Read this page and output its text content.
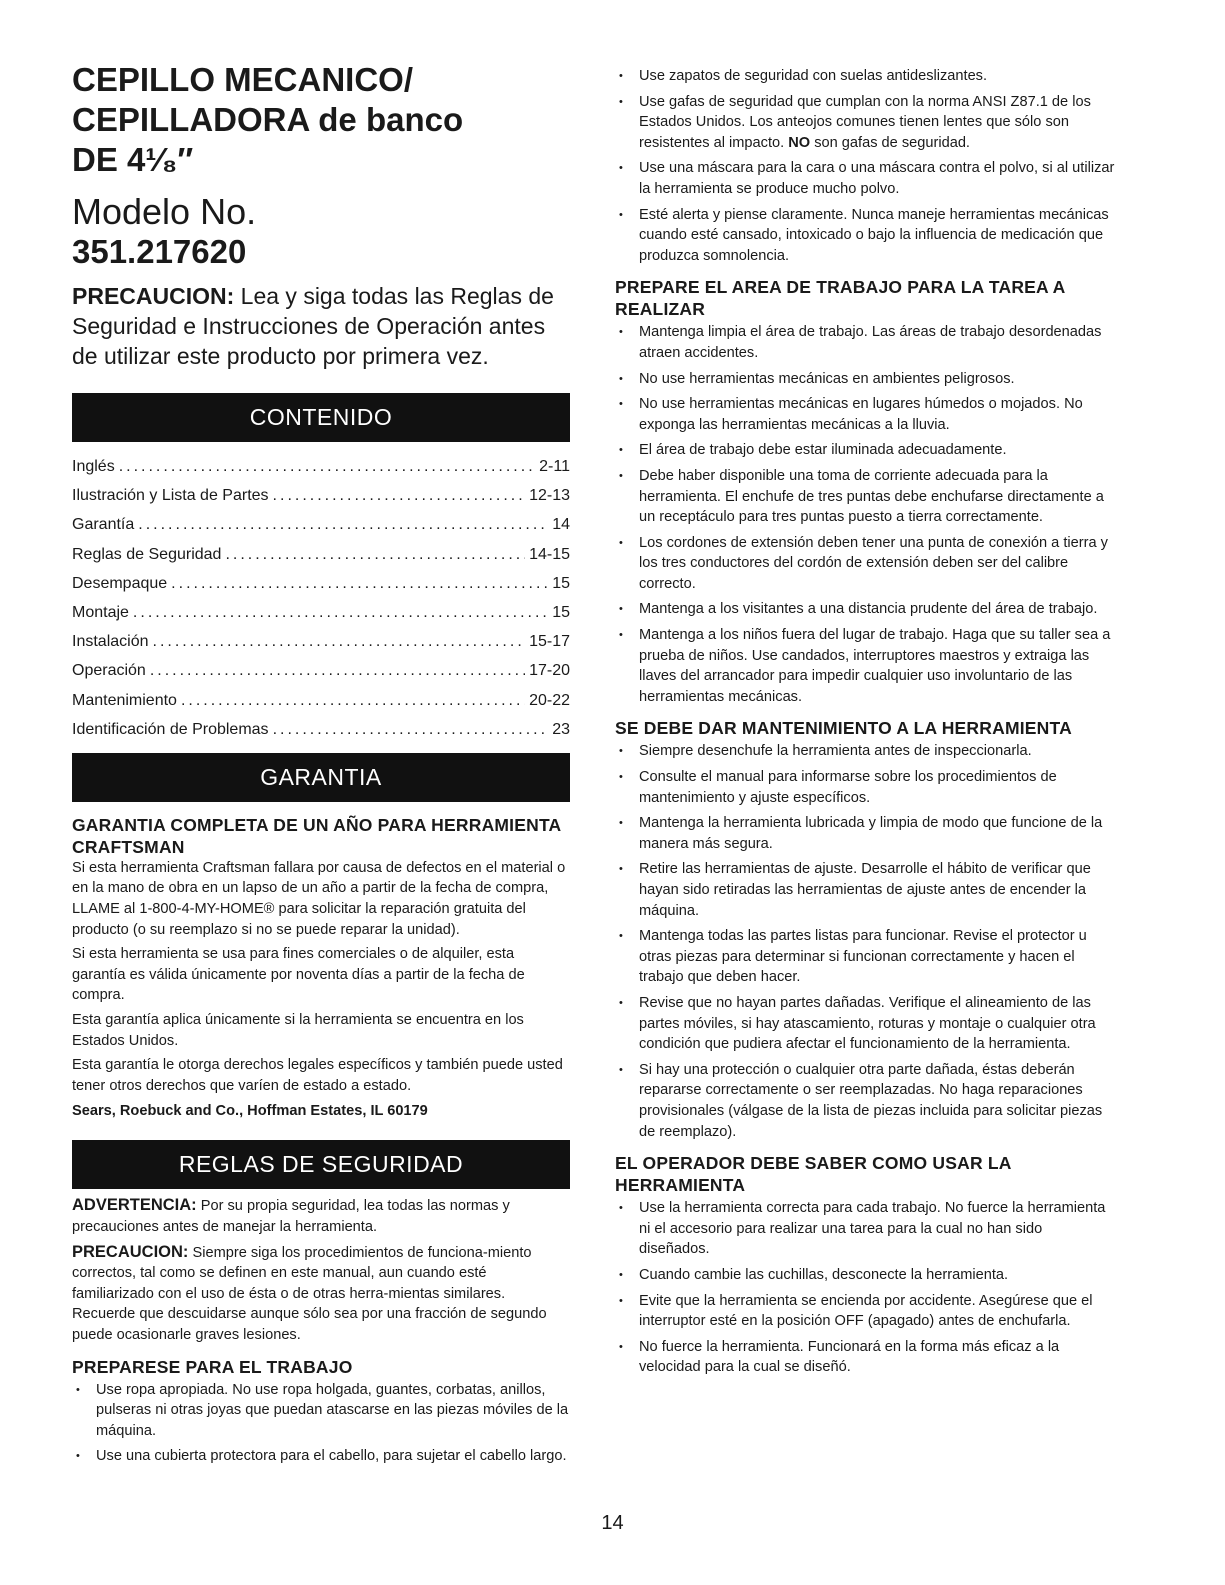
CEPILLO MECANICO/
CEPILLADORA de banco
DE 4¹⁄₈″
Modelo No.
351.217620
PRECAUCION: Lea y siga todas las Reglas de Seguridad e Instrucciones de Operación antes de utilizar este producto por primera vez.
CONTENIDO
Inglés .....	2-11
Ilustración y Lista de Partes .....	12-13
Garantía .....	14
Reglas de Seguridad .....	14-15
Desempaque .....	15
Montaje .....	15
Instalación .....	15-17
Operación .....	17-20
Mantenimiento .....	20-22
Identificación de Problemas .....	23
GARANTIA
GARANTIA COMPLETA DE UN AÑO PARA HERRAMIENTA CRAFTSMAN

Si esta herramienta Craftsman fallara por causa de defectos en el material o en la mano de obra en un lapso de un año a partir de la fecha de compra, LLAME al 1-800-4-MY-HOME® para solicitar la reparación gratuita del producto (o su reemplazo si no se puede reparar la unidad).

Si esta herramienta se usa para fines comerciales o de alquiler, esta garantía es válida únicamente por noventa días a partir de la fecha de compra.

Esta garantía aplica únicamente si la herramienta se encuentra en los Estados Unidos.

Esta garantía le otorga derechos legales específicos y también puede usted tener otros derechos que varíen de estado a estado.

Sears, Roebuck and Co., Hoffman Estates, IL 60179
REGLAS DE SEGURIDAD

ADVERTENCIA: Por su propia seguridad, lea todas las normas y precauciones antes de manejar la herramienta.

PRECAUCION: Siempre siga los procedimientos de funciona-miento correctos, tal como se definen en este manual, aun cuando esté familiarizado con el uso de ésta o de otras herra-mientas similares. Recuerde que descuidarse aunque sólo sea por una fracción de segundo puede ocasionarle graves lesiones.

PREPARESE PARA EL TRABAJO
• Use ropa apropiada. No use ropa holgada, guantes, corbatas, anillos, pulseras ni otras joyas que puedan atascarse en las piezas móviles de la máquina.
• Use una cubierta protectora para el cabello, para sujetar el cabello largo.
• Use zapatos de seguridad con suelas antideslizantes.
• Use gafas de seguridad que cumplan con la norma ANSI Z87.1 de los Estados Unidos. Los anteojos comunes tienen lentes que sólo son resistentes al impacto. NO son gafas de seguridad.
• Use una máscara para la cara o una máscara contra el polvo, si al utilizar la herramienta se produce mucho polvo.
• Esté alerta y piense claramente. Nunca maneje herramientas mecánicas cuando esté cansado, intoxicado o bajo la influencia de medicación que produzca somnolencia.
PREPARE EL AREA DE TRABAJO PARA LA TAREA A REALIZAR
• Mantenga limpia el área de trabajo. Las áreas de trabajo desordenadas atraen accidentes.
• No use herramientas mecánicas en ambientes peligrosos.
• No use herramientas mecánicas en lugares húmedos o mojados. No exponga las herramientas mecánicas a la lluvia.
• El área de trabajo debe estar iluminada adecuadamente.
• Debe haber disponible una toma de corriente adecuada para la herramienta. El enchufe de tres puntas debe enchufarse directamente a un receptáculo para tres puntas puesto a tierra correctamente.
• Los cordones de extensión deben tener una punta de conexión a tierra y los tres conductores del cordón de extensión deben ser del calibre correcto.
• Mantenga a los visitantes a una distancia prudente del área de trabajo.
• Mantenga a los niños fuera del lugar de trabajo. Haga que su taller sea a prueba de niños. Use candados, interruptores maestros y extraiga las llaves del arrancador para impedir cualquier uso involuntario de las herramientas mecánicas.
SE DEBE DAR MANTENIMIENTO A LA HERRAMIENTA
• Siempre desenchufe la herramienta antes de inspeccionarla.
• Consulte el manual para informarse sobre los procedimientos de mantenimiento y ajuste específicos.
• Mantenga la herramienta lubricada y limpia de modo que funcione de la manera más segura.
• Retire las herramientas de ajuste. Desarrolle el hábito de verificar que hayan sido retiradas las herramientas de ajuste antes de encender la máquina.
• Mantenga todas las partes listas para funcionar. Revise el protector u otras piezas para determinar si funcionan correctamente y hacen el trabajo que deben hacer.
• Revise que no hayan partes dañadas. Verifique el alineamiento de las partes móviles, si hay atascamiento, roturas y montaje o cualquier otra condición que pudiera afectar el funcionamiento de la herramienta.
• Si hay una protección o cualquier otra parte dañada, éstas deberán repararse correctamente o ser reemplazadas. No haga reparaciones provisionales (válgase de la lista de piezas incluida para solicitar piezas de reemplazo).
EL OPERADOR DEBE SABER COMO USAR LA HERRAMIENTA
• Use la herramienta correcta para cada trabajo. No fuerce la herramienta ni el accesorio para realizar una tarea para la cual no han sido diseñados.
• Cuando cambie las cuchillas, desconecte la herramienta.
• Evite que la herramienta se encienda por accidente. Asegúrese que el interruptor esté en la posición OFF (apagado) antes de enchufarla.
• No fuerce la herramienta. Funcionará en la forma más eficaz a la velocidad para la cual se diseñó.
14
